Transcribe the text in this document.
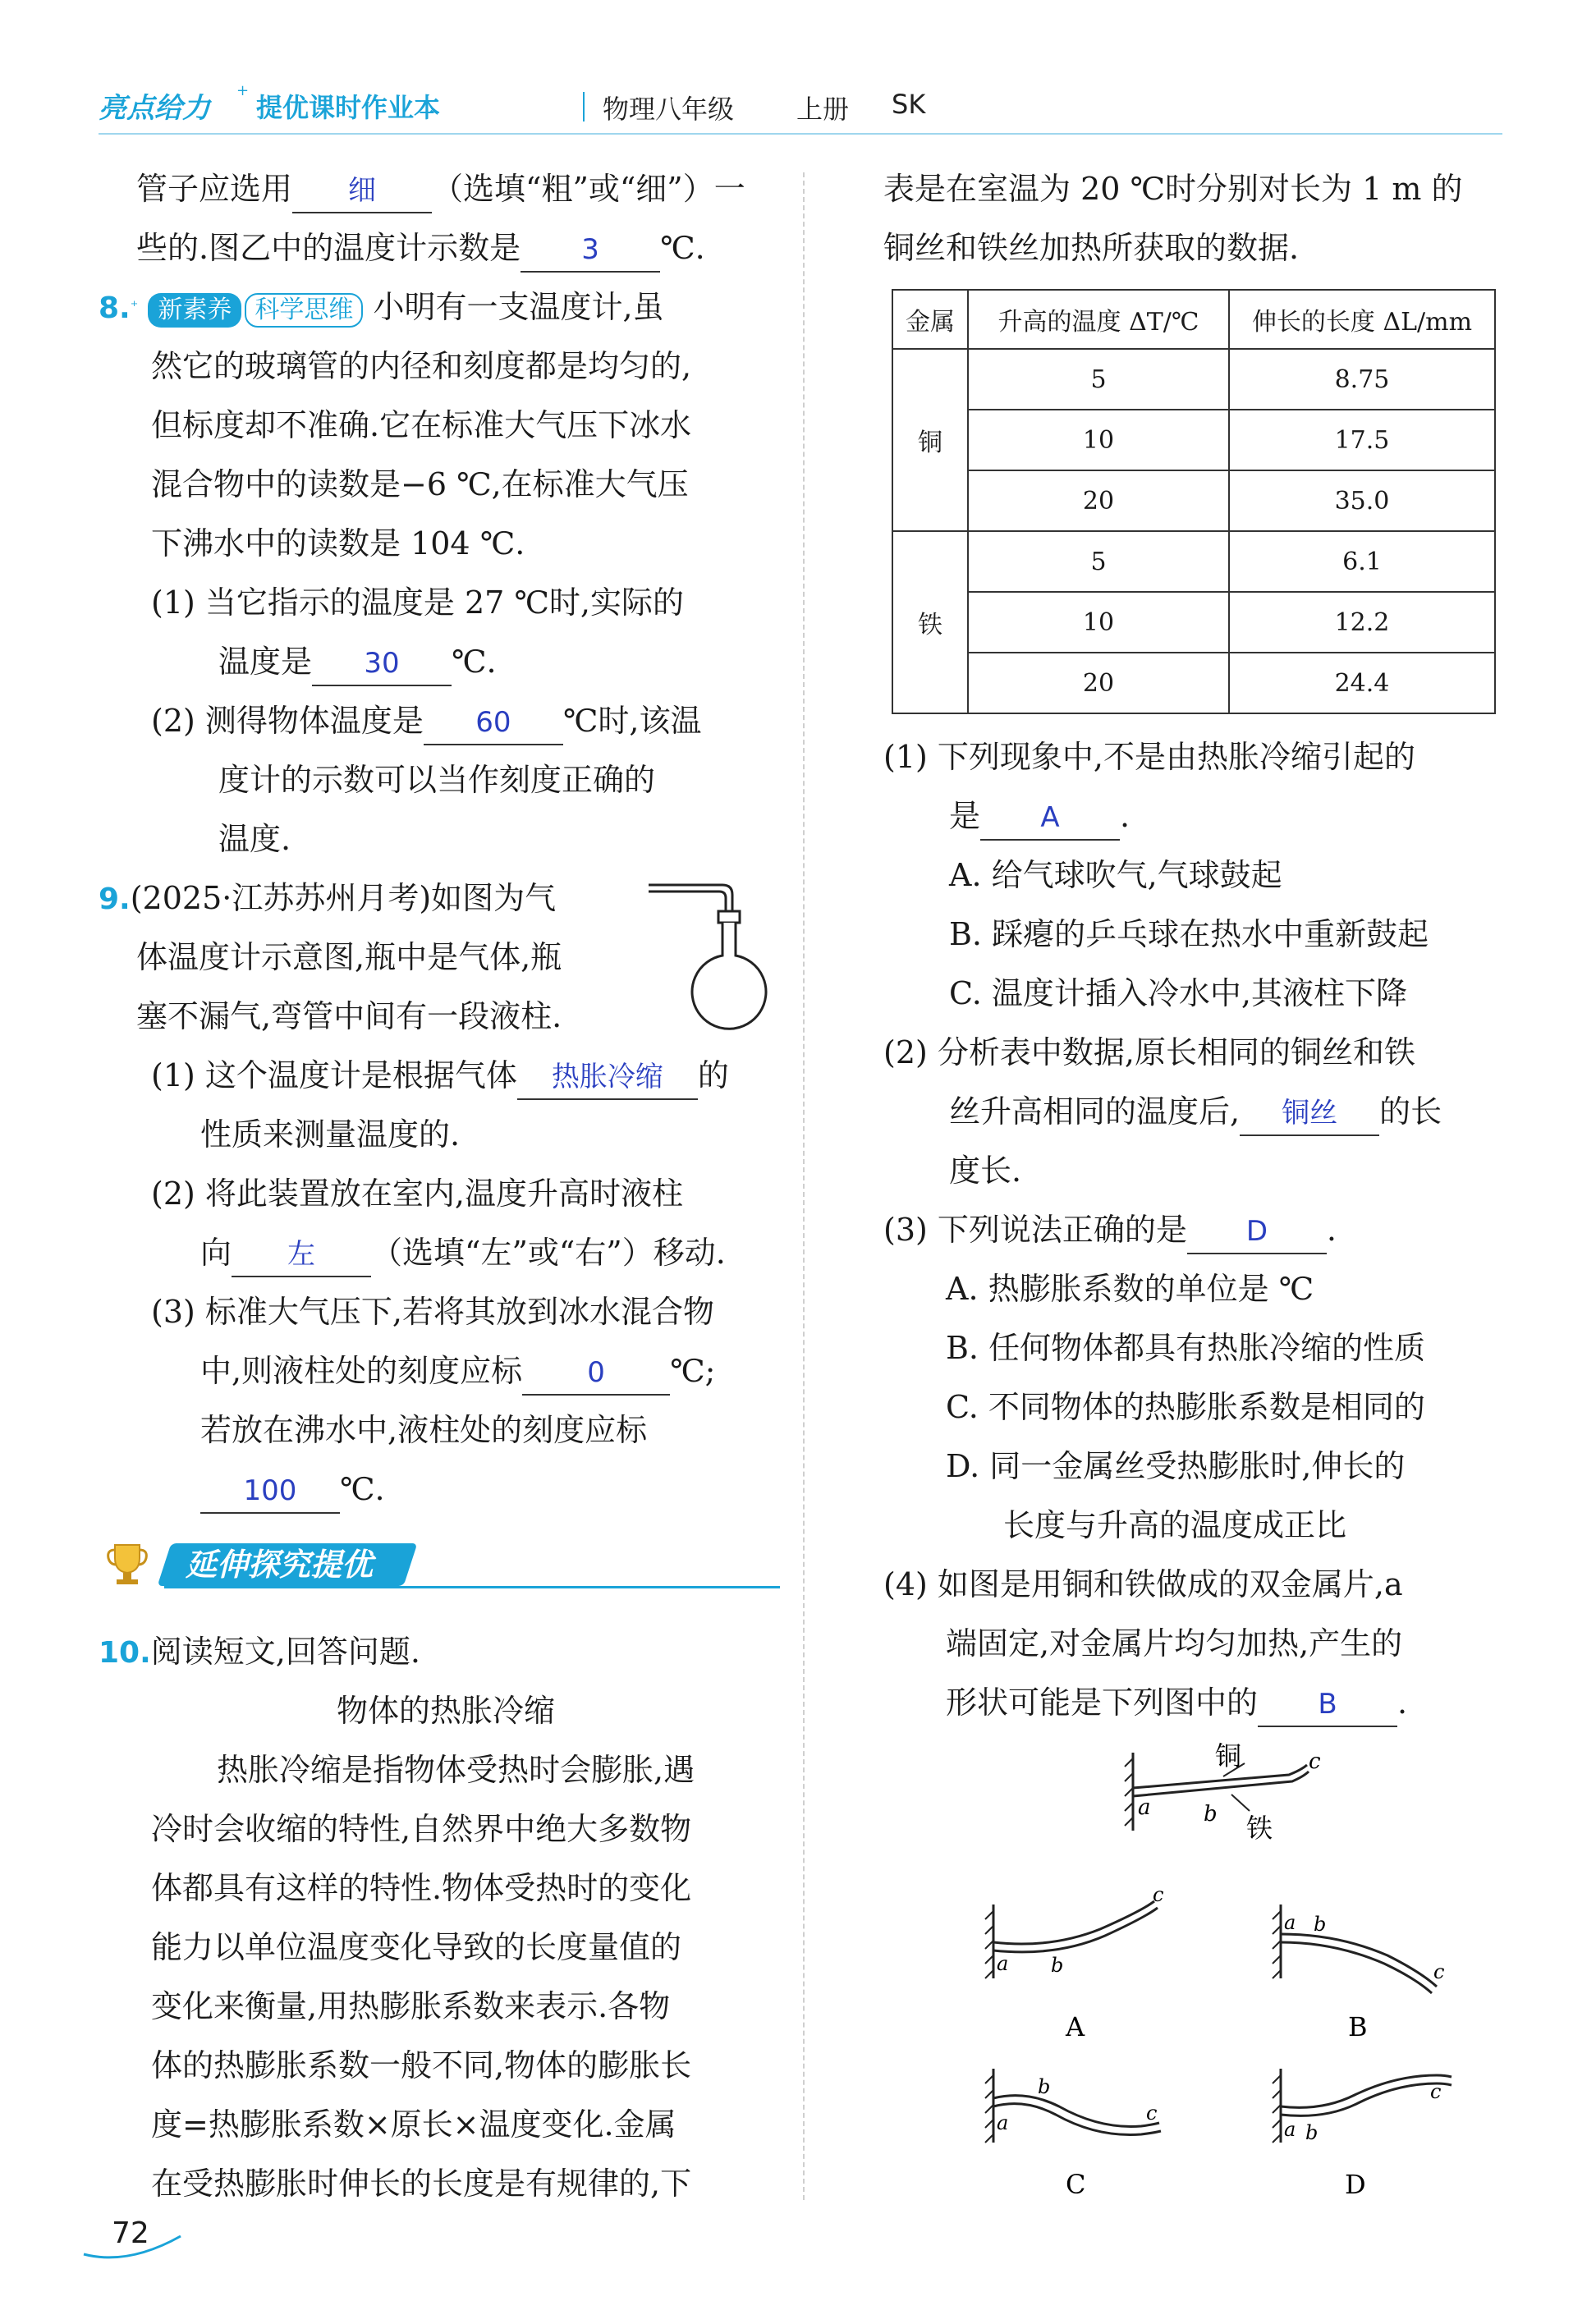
亮点给力
+
提优课时作业本	物理八年级 上册 SK
管子应选用 细 （选填“粗”或“细”）一
些的.图乙中的温度计示数是 3 ℃.
8.⁺ 新素养 科学思维 小明有一支温度计,虽
然它的玻璃管的内径和刻度都是均匀的,
但标度却不准确.它在标准大气压下冰水
混合物中的读数是−6 ℃,在标准大气压
下沸水中的读数是 104 ℃.
(1) 当它指示的温度是 27 ℃时,实际的
温度是 30 ℃.
(2) 测得物体温度是 60 ℃时,该温
度计的示数可以当作刻度正确的
温度.
9.(2025·江苏苏州月考)如图为气
体温度计示意图,瓶中是气体,瓶
塞不漏气,弯管中间有一段液柱.
(1) 这个温度计是根据气体 热胀冷缩 的
性质来测量温度的.
(2) 将此装置放在室内,温度升高时液柱
向 左 （选填“左”或“右”）移动.
(3) 标准大气压下,若将其放到冰水混合物
中,则液柱处的刻度应标 0 ℃;
若放在沸水中,液柱处的刻度应标
100 ℃.
延伸探究提优
10.阅读短文,回答问题.
物体的热胀冷缩
热胀冷缩是指物体受热时会膨胀,遇
冷时会收缩的特性,自然界中绝大多数物
体都具有这样的特性.物体受热时的变化
能力以单位温度变化导致的长度量值的
变化来衡量,用热膨胀系数来表示.各物
体的热膨胀系数一般不同,物体的膨胀长
度=热膨胀系数×原长×温度变化.金属
在受热膨胀时伸长的长度是有规律的,下
72
表是在室温为 20 ℃时分别对长为 1 m 的
铜丝和铁丝加热所获取的数据.
金属	升高的温度 ΔT/℃	伸长的长度 ΔL/mm
铜	5	8.75
	10	17.5
	20	35.0
铁	5	6.1
	10	12.2
	20	24.4
(1) 下列现象中,不是由热胀冷缩引起的
是 A .
A. 给气球吹气,气球鼓起
B. 踩瘪的乒乓球在热水中重新鼓起
C. 温度计插入冷水中,其液柱下降
(2) 分析表中数据,原长相同的铜丝和铁
丝升高相同的温度后, 铜丝 的长
度长.
(3) 下列说法正确的是 D .
A. 热膨胀系数的单位是 ℃
B. 任何物体都具有热胀冷缩的性质
C. 不同物体的热膨胀系数是相同的
D. 同一金属丝受热膨胀时,伸长的
长度与升高的温度成正比
(4) 如图是用铜和铁做成的双金属片,a
端固定,对金属片均匀加热,产生的
形状可能是下列图中的 B .
铜
铁
a b
c
a b
c
A
a b
c
B
a
b
c
C
a b
c
D
